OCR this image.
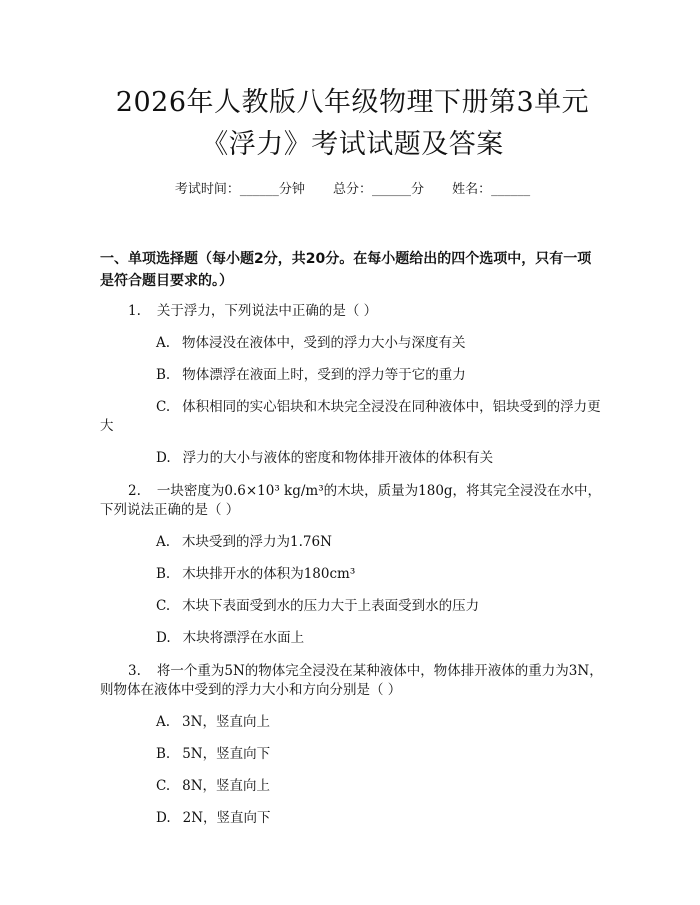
2026年人教版八年级物理下册第3单元《浮力》考试试题及答案
考试时间：______分钟 总分：______分 姓名：______
一、单项选择题（每小题2分，共20分。在每小题给出的四个选项中，只有一项是符合题目要求的。）
1. 关于浮力，下列说法中正确的是（ ）
A. 物体浸没在液体中，受到的浮力大小与深度有关
B. 物体漂浮在液面上时，受到的浮力等于它的重力
C. 体积相同的实心铝块和木块完全浸没在同种液体中，铝块受到的浮力更大
D. 浮力的大小与液体的密度和物体排开液体的体积有关
2. 一块密度为0.6×10³ kg/m³的木块，质量为180g，将其完全浸没在水中，下列说法正确的是（ ）
A. 木块受到的浮力为1.76N
B. 木块排开水的体积为180cm³
C. 木块下表面受到水的压力大于上表面受到水的压力
D. 木块将漂浮在水面上
3. 将一个重为5N的物体完全浸没在某种液体中，物体排开液体的重力为3N，则物体在液体中受到的浮力大小和方向分别是（ ）
A. 3N，竖直向上
B. 5N，竖直向下
C. 8N，竖直向上
D. 2N，竖直向下
